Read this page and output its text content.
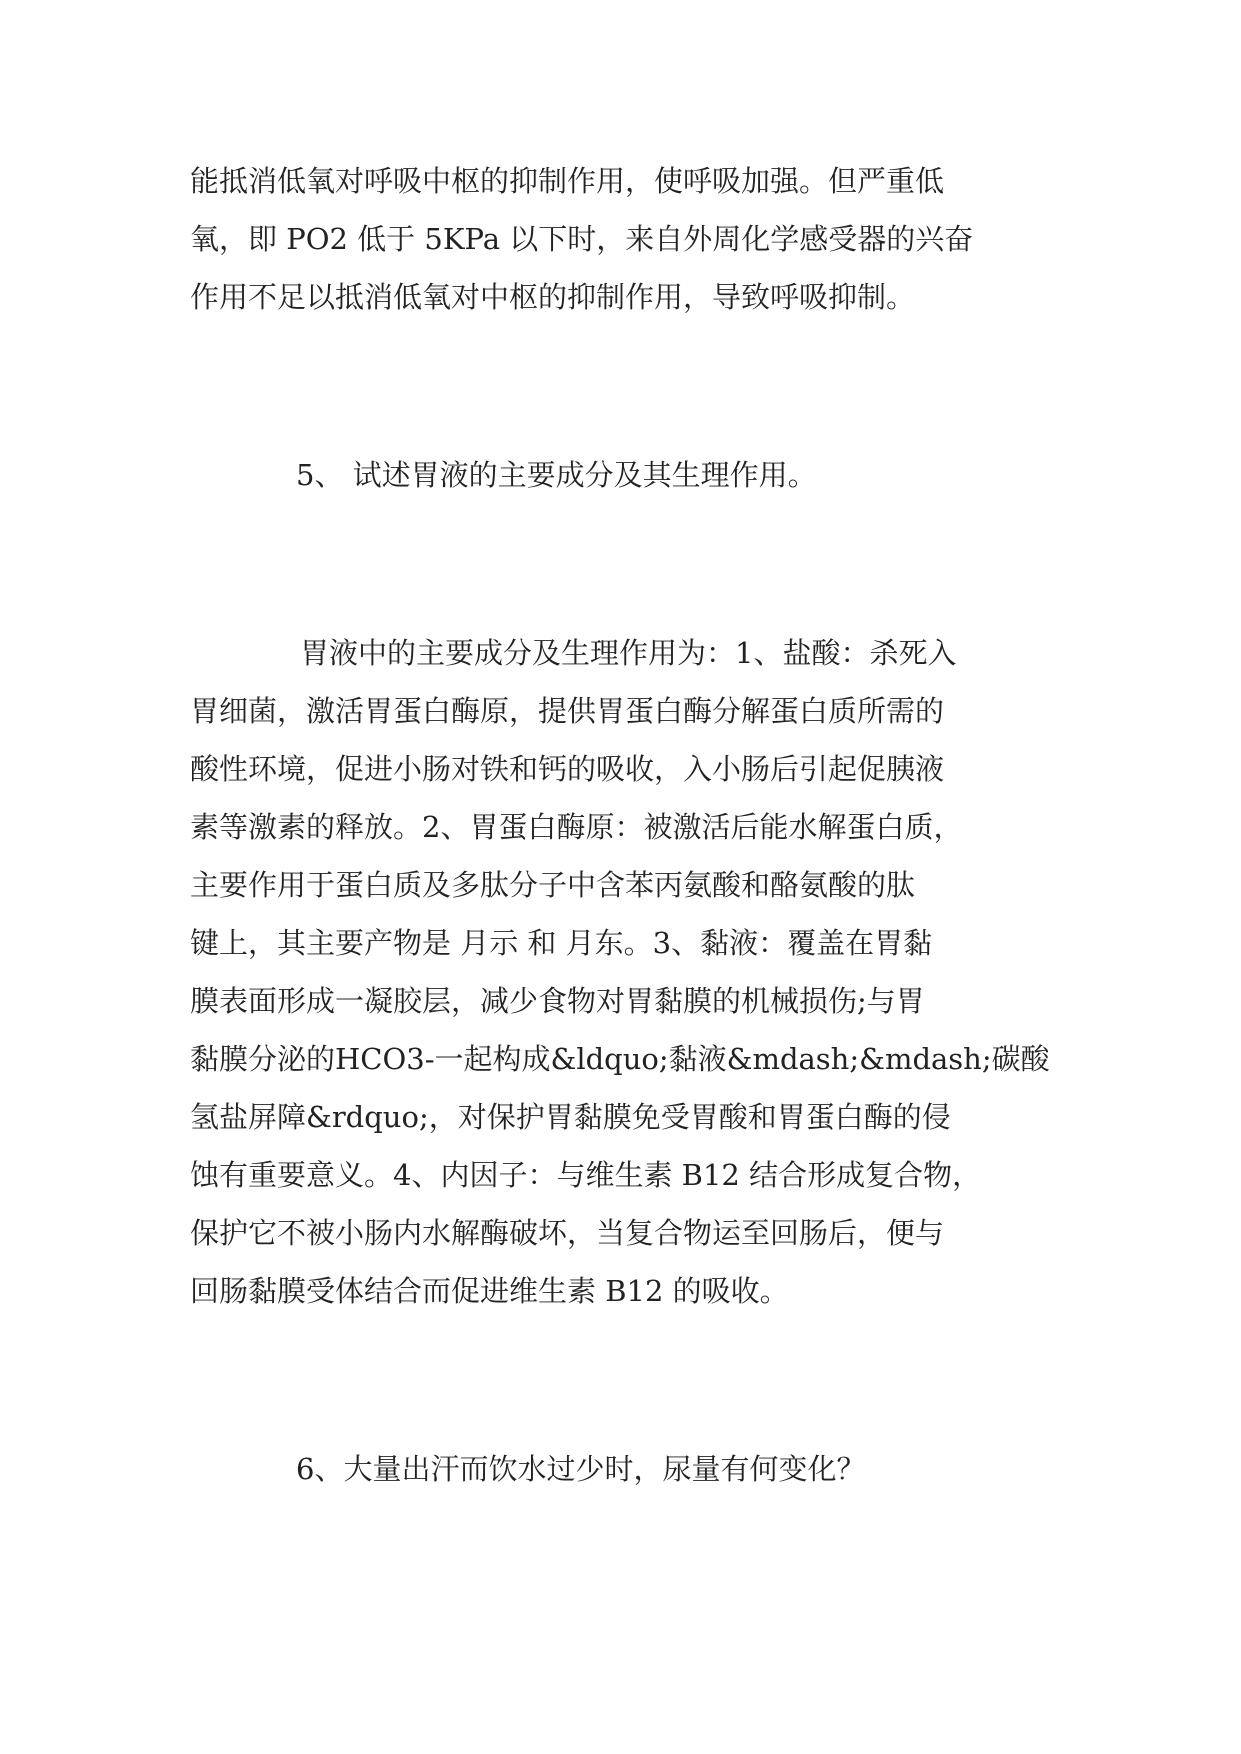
能抵消低氧对呼吸中枢的抑制作用，使呼吸加强。但严重低
氧，即 PO2 低于 5KPa 以下时，来自外周化学感受器的兴奋
作用不足以抵消低氧对中枢的抑制作用，导致呼吸抑制。
5、 试述胃液的主要成分及其生理作用。
胃液中的主要成分及生理作用为：1、盐酸：杀死入
胃细菌，激活胃蛋白酶原，提供胃蛋白酶分解蛋白质所需的
酸性环境，促进小肠对铁和钙的吸收，入小肠后引起促胰液
素等激素的释放。2、胃蛋白酶原：被激活后能水解蛋白质，
主要作用于蛋白质及多肽分子中含苯丙氨酸和酪氨酸的肽
键上，其主要产物是 月示 和 月东。3、黏液：覆盖在胃黏
膜表面形成一凝胶层，减少食物对胃黏膜的机械损伤;与胃
黏膜分泌的HCO3-一起构成&ldquo;黏液&mdash;&mdash;碳酸
氢盐屏障&rdquo;，对保护胃黏膜免受胃酸和胃蛋白酶的侵
蚀有重要意义。4、内因子：与维生素 B12 结合形成复合物，
保护它不被小肠内水解酶破坏，当复合物运至回肠后，便与
回肠黏膜受体结合而促进维生素 B12 的吸收。
6、大量出汗而饮水过少时，尿量有何变化？
